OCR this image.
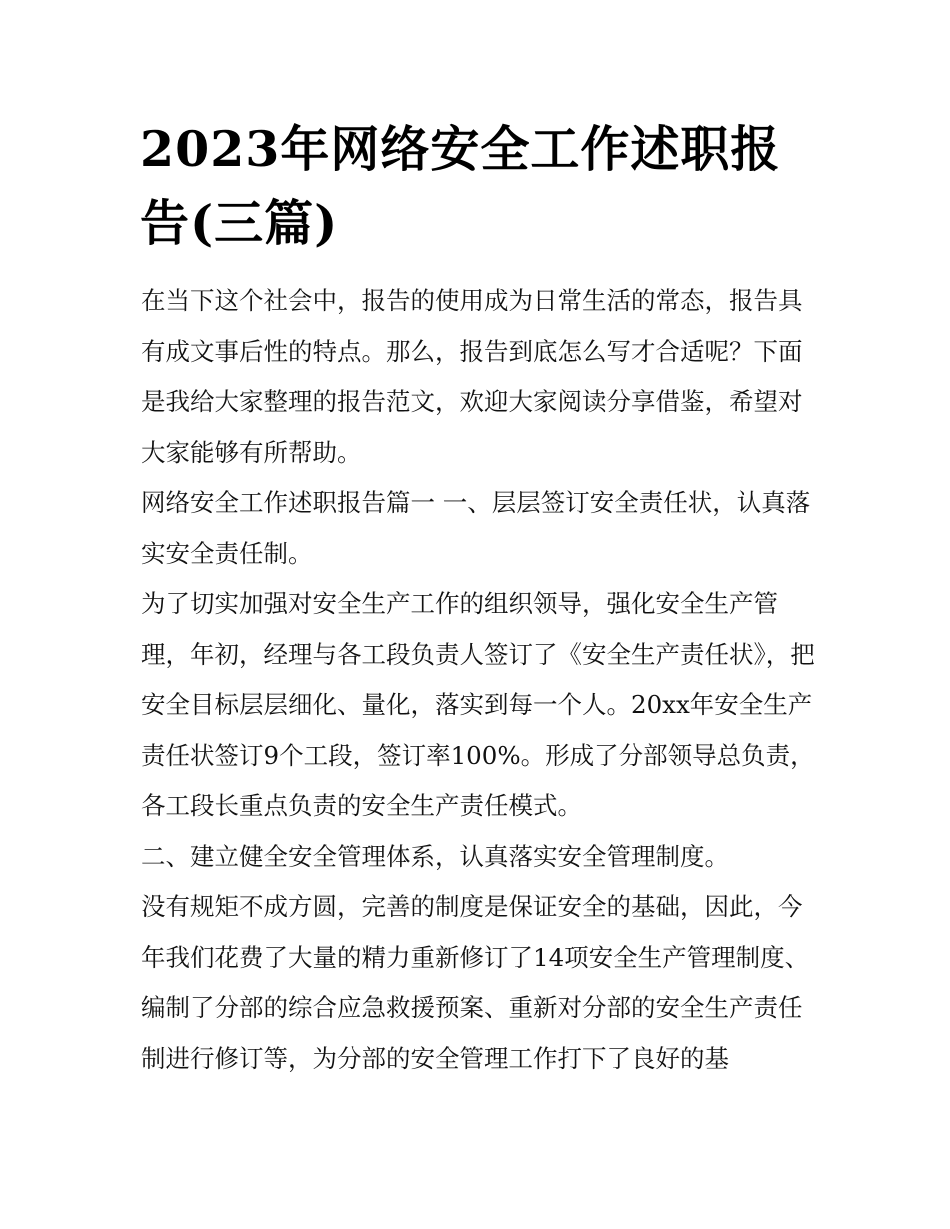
2023年网络安全工作述职报告(三篇)

在当下这个社会中，报告的使用成为日常生活的常态，报告具有成文事后性的特点。那么，报告到底怎么写才合适呢？下面是我给大家整理的报告范文，欢迎大家阅读分享借鉴，希望对大家能够有所帮助。

网络安全工作述职报告篇一 一、层层签订安全责任状，认真落实安全责任制。

为了切实加强对安全生产工作的组织领导，强化安全生产管理，年初，经理与各工段负责人签订了《安全生产责任状》，把安全目标层层细化、量化，落实到每一个人。20xx年安全生产责任状签订9个工段，签订率100%。形成了分部领导总负责，各工段长重点负责的安全生产责任模式。

二、建立健全安全管理体系，认真落实安全管理制度。

没有规矩不成方圆，完善的制度是保证安全的基础，因此，今年我们花费了大量的精力重新修订了14项安全生产管理制度、编制了分部的综合应急救援预案、重新对分部的安全生产责任制进行修订等，为分部的安全管理工作打下了良好的基
